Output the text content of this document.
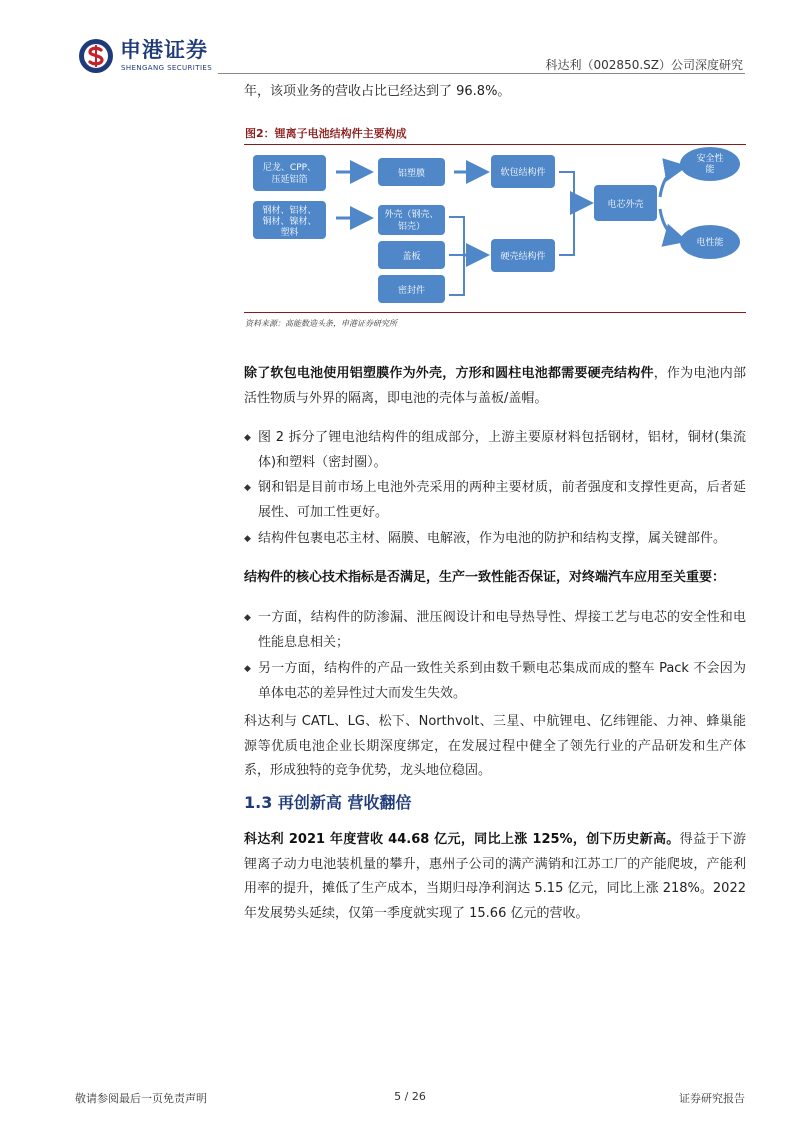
申港证券
SHENGANG SECURITIES	科达利（002850.SZ）公司深度研究
年，该项业务的营收占比已经达到了 96.8%。
图2：锂离子电池结构件主要构成
尼龙、CPP、
压延铝箔
钢材、铝材、
铜材、镍材、
塑料
铝塑膜
外壳（钢壳、
铝壳）
盖板
密封件
软包结构件
硬壳结构件
电芯外壳
安全性
能
电性能
资料来源：高能数造头条，申港证券研究所
除了软包电池使用铝塑膜作为外壳，方形和圆柱电池都需要硬壳结构件，作为电池内部活性物质与外界的隔离，即电池的壳体与盖板/盖帽。
◆ 图 2 拆分了锂电池结构件的组成部分，上游主要原材料包括钢材，铝材，铜材(集流体)和塑料（密封圈）。
◆ 钢和铝是目前市场上电池外壳采用的两种主要材质，前者强度和支撑性更高，后者延展性、可加工性更好。
◆ 结构件包裹电芯主材、隔膜、电解液，作为电池的防护和结构支撑，属关键部件。
结构件的核心技术指标是否满足，生产一致性能否保证，对终端汽车应用至关重要：
◆ 一方面，结构件的防渗漏、泄压阀设计和电导热导性、焊接工艺与电芯的安全性和电性能息息相关；
◆ 另一方面，结构件的产品一致性关系到由数千颗电芯集成而成的整车 Pack 不会因为单体电芯的差异性过大而发生失效。
科达利与 CATL、LG、松下、Northvolt、三星、中航锂电、亿纬锂能、力神、蜂巢能源等优质电池企业长期深度绑定，在发展过程中健全了领先行业的产品研发和生产体系，形成独特的竞争优势，龙头地位稳固。
1.3 再创新高 营收翻倍
科达利 2021 年度营收 44.68 亿元，同比上涨 125%，创下历史新高。得益于下游锂离子动力电池装机量的攀升，惠州子公司的满产满销和江苏工厂的产能爬坡，产能利用率的提升，摊低了生产成本，当期归母净利润达 5.15 亿元，同比上涨 218%。2022 年发展势头延续，仅第一季度就实现了 15.66 亿元的营收。
敬请参阅最后一页免责声明	5 / 26	证券研究报告
